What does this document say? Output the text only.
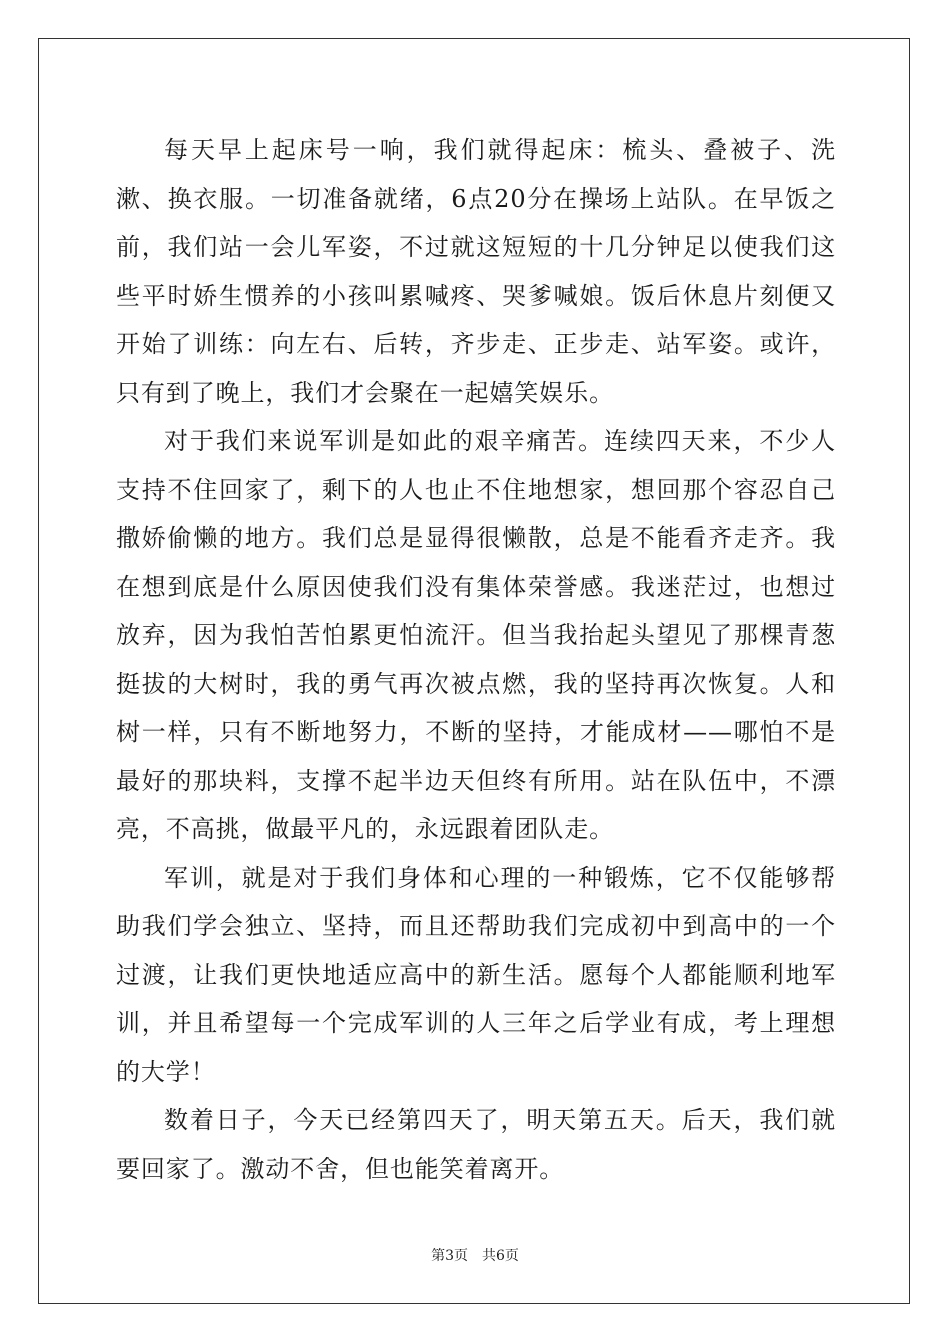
每天早上起床号一响，我们就得起床：梳头、叠被子、洗漱、换衣服。一切准备就绪，6点20分在操场上站队。在早饭之前，我们站一会儿军姿，不过就这短短的十几分钟足以使我们这些平时娇生惯养的小孩叫累喊疼、哭爹喊娘。饭后休息片刻便又开始了训练：向左右、后转，齐步走、正步走、站军姿。或许，只有到了晚上，我们才会聚在一起嬉笑娱乐。

对于我们来说军训是如此的艰辛痛苦。连续四天来，不少人支持不住回家了，剩下的人也止不住地想家，想回那个容忍自己撒娇偷懒的地方。我们总是显得很懒散，总是不能看齐走齐。我在想到底是什么原因使我们没有集体荣誉感。我迷茫过，也想过放弃，因为我怕苦怕累更怕流汗。但当我抬起头望见了那棵青葱挺拔的大树时，我的勇气再次被点燃，我的坚持再次恢复。人和树一样，只有不断地努力，不断的坚持，才能成材——哪怕不是最好的那块料，支撑不起半边天但终有所用。站在队伍中，不漂亮，不高挑，做最平凡的，永远跟着团队走。

军训，就是对于我们身体和心理的一种锻炼，它不仅能够帮助我们学会独立、坚持，而且还帮助我们完成初中到高中的一个过渡，让我们更快地适应高中的新生活。愿每个人都能顺利地军训，并且希望每一个完成军训的人三年之后学业有成，考上理想的大学！

数着日子，今天已经第四天了，明天第五天。后天，我们就要回家了。激动不舍，但也能笑着离开。

第3页　共6页
